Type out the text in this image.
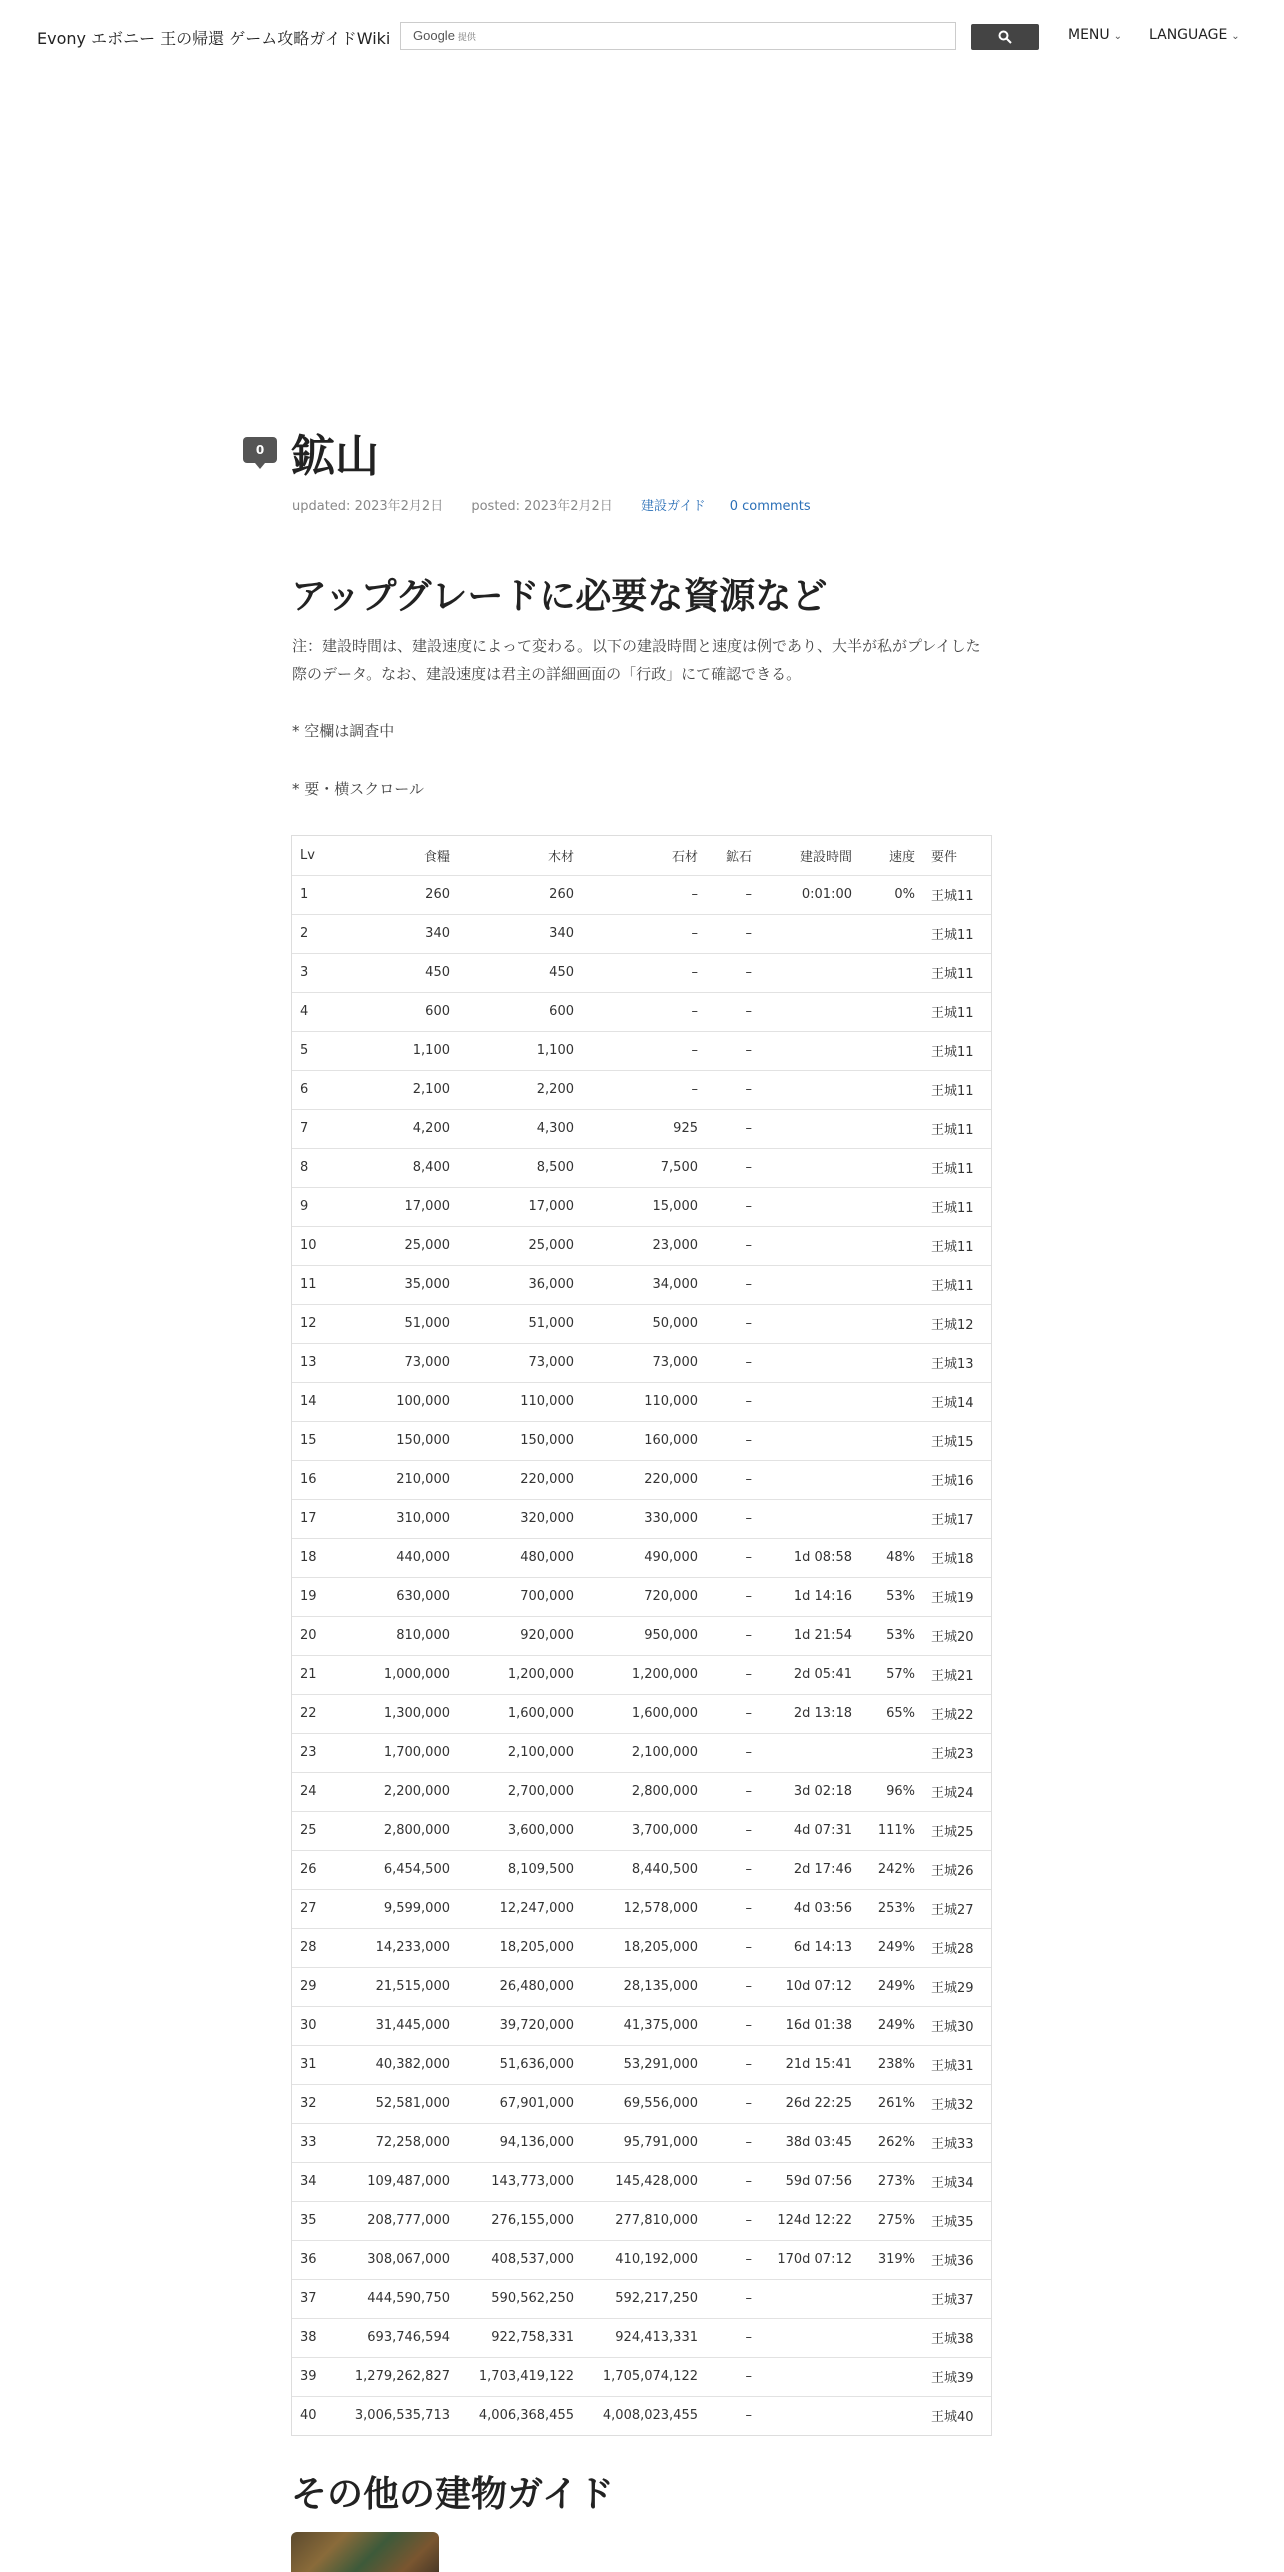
Evony エボニー 王の帰還 ゲーム攻略ガイドWiki Google 提供	MENU ⌄ LANGUAGE ⌄
0 鉱山
updated: 2023年2月2日 posted: 2023年2月2日 建設ガイド 0 comments
アップグレードに必要な資源など
注：建設時間は、建設速度によって変わる。以下の建設時間と速度は例であり、大半が私がプレイした際のデータ。なお、建設速度は君主の詳細画面の「行政」にて確認できる。
* 空欄は調査中
* 要・横スクロール
Lv	食糧	木材	石材	鉱石	建設時間	速度	要件
1	260	260	–	–	0:01:00	0%	王城11
2	340	340	–	–			王城11
3	450	450	–	–			王城11
4	600	600	–	–			王城11
5	1,100	1,100	–	–			王城11
6	2,100	2,200	–	–			王城11
7	4,200	4,300	925	–			王城11
8	8,400	8,500	7,500	–			王城11
9	17,000	17,000	15,000	–			王城11
10	25,000	25,000	23,000	–			王城11
11	35,000	36,000	34,000	–			王城11
12	51,000	51,000	50,000	–			王城12
13	73,000	73,000	73,000	–			王城13
14	100,000	110,000	110,000	–			王城14
15	150,000	150,000	160,000	–			王城15
16	210,000	220,000	220,000	–			王城16
17	310,000	320,000	330,000	–			王城17
18	440,000	480,000	490,000	–	1d 08:58	48%	王城18
19	630,000	700,000	720,000	–	1d 14:16	53%	王城19
20	810,000	920,000	950,000	–	1d 21:54	53%	王城20
21	1,000,000	1,200,000	1,200,000	–	2d 05:41	57%	王城21
22	1,300,000	1,600,000	1,600,000	–	2d 13:18	65%	王城22
23	1,700,000	2,100,000	2,100,000	–			王城23
24	2,200,000	2,700,000	2,800,000	–	3d 02:18	96%	王城24
25	2,800,000	3,600,000	3,700,000	–	4d 07:31	111%	王城25
26	6,454,500	8,109,500	8,440,500	–	2d 17:46	242%	王城26
27	9,599,000	12,247,000	12,578,000	–	4d 03:56	253%	王城27
28	14,233,000	18,205,000	18,205,000	–	6d 14:13	249%	王城28
29	21,515,000	26,480,000	28,135,000	–	10d 07:12	249%	王城29
30	31,445,000	39,720,000	41,375,000	–	16d 01:38	249%	王城30
31	40,382,000	51,636,000	53,291,000	–	21d 15:41	238%	王城31
32	52,581,000	67,901,000	69,556,000	–	26d 22:25	261%	王城32
33	72,258,000	94,136,000	95,791,000	–	38d 03:45	262%	王城33
34	109,487,000	143,773,000	145,428,000	–	59d 07:56	273%	王城34
35	208,777,000	276,155,000	277,810,000	–	124d 12:22	275%	王城35
36	308,067,000	408,537,000	410,192,000	–	170d 07:12	319%	王城36
37	444,590,750	590,562,250	592,217,250	–			王城37
38	693,746,594	922,758,331	924,413,331	–			王城38
39	1,279,262,827	1,703,419,122	1,705,074,122	–			王城39
40	3,006,535,713	4,006,368,455	4,008,023,455	–			王城40
その他の建物ガイド
